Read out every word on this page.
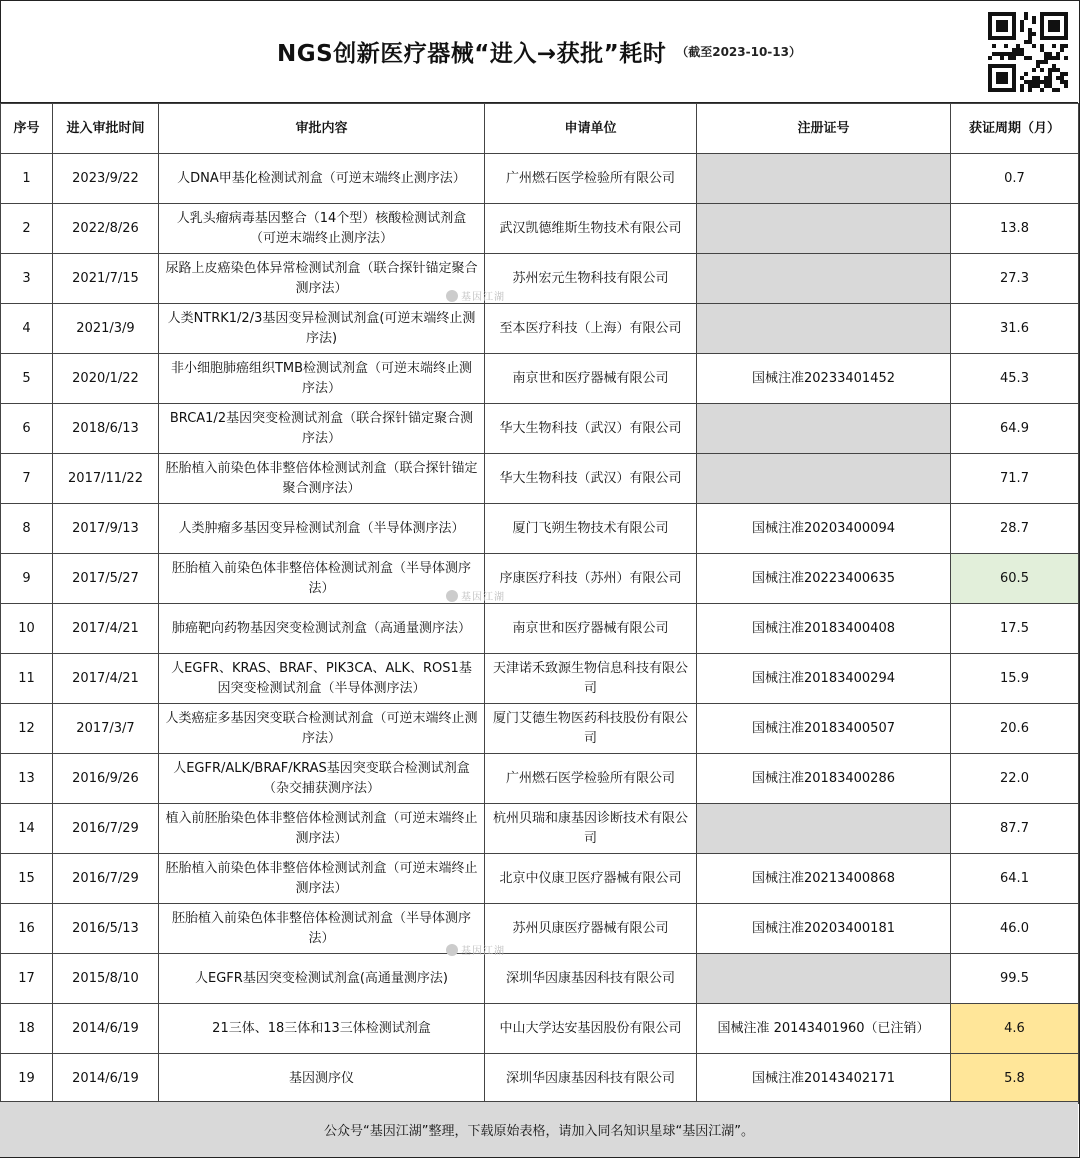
NGS创新医疗器械“进入→获批”耗时 （截至2023-10-13）
序号	进入审批时间	审批内容	申请单位	注册证号	获证周期（月）
1	2023/9/22	人DNA甲基化检测试剂盒（可逆末端终止测序法）	广州燃石医学检验所有限公司		0.7
2	2022/8/26	人乳头瘤病毒基因整合（14个型）核酸检测试剂盒（可逆末端终止测序法）	武汉凯德维斯生物技术有限公司		13.8
3	2021/7/15	尿路上皮癌染色体异常检测试剂盒（联合探针锚定聚合测序法）	苏州宏元生物科技有限公司		27.3
4	2021/3/9	人类NTRK1/2/3基因变异检测试剂盒(可逆末端终止测序法)	至本医疗科技（上海）有限公司		31.6
5	2020/1/22	非小细胞肺癌组织TMB检测试剂盒（可逆末端终止测序法）	南京世和医疗器械有限公司	国械注准20233401452	45.3
6	2018/6/13	BRCA1/2基因突变检测试剂盒（联合探针锚定聚合测序法）	华大生物科技（武汉）有限公司		64.9
7	2017/11/22	胚胎植入前染色体非整倍体检测试剂盒（联合探针锚定聚合测序法）	华大生物科技（武汉）有限公司		71.7
8	2017/9/13	人类肿瘤多基因变异检测试剂盒（半导体测序法）	厦门飞朔生物技术有限公司	国械注准20203400094	28.7
9	2017/5/27	胚胎植入前染色体非整倍体检测试剂盒（半导体测序法）	序康医疗科技（苏州）有限公司	国械注准20223400635	60.5
10	2017/4/21	肺癌靶向药物基因突变检测试剂盒（高通量测序法）	南京世和医疗器械有限公司	国械注准20183400408	17.5
11	2017/4/21	人EGFR、KRAS、BRAF、PIK3CA、ALK、ROS1基因突变检测试剂盒（半导体测序法）	天津诺禾致源生物信息科技有限公司	国械注准20183400294	15.9
12	2017/3/7	人类癌症多基因突变联合检测试剂盒（可逆末端终止测序法）	厦门艾德生物医药科技股份有限公司	国械注准20183400507	20.6
13	2016/9/26	人EGFR/ALK/BRAF/KRAS基因突变联合检测试剂盒（杂交捕获测序法）	广州燃石医学检验所有限公司	国械注准20183400286	22.0
14	2016/7/29	植入前胚胎染色体非整倍体检测试剂盒（可逆末端终止测序法）	杭州贝瑞和康基因诊断技术有限公司		87.7
15	2016/7/29	胚胎植入前染色体非整倍体检测试剂盒（可逆末端终止测序法）	北京中仪康卫医疗器械有限公司	国械注准20213400868	64.1
16	2016/5/13	胚胎植入前染色体非整倍体检测试剂盒（半导体测序法）	苏州贝康医疗器械有限公司	国械注准20203400181	46.0
17	2015/8/10	人EGFR基因突变检测试剂盒(高通量测序法)	深圳华因康基因科技有限公司		99.5
18	2014/6/19	21三体、18三体和13三体检测试剂盒	中山大学达安基因股份有限公司	国械注准 20143401960（已注销）	4.6
19	2014/6/19	基因测序仪	深圳华因康基因科技有限公司	国械注准20143402171	5.8
基因江湖
基因江湖
基因江湖
公众号“基因江湖”整理，下载原始表格，请加入同名知识星球“基因江湖”。
